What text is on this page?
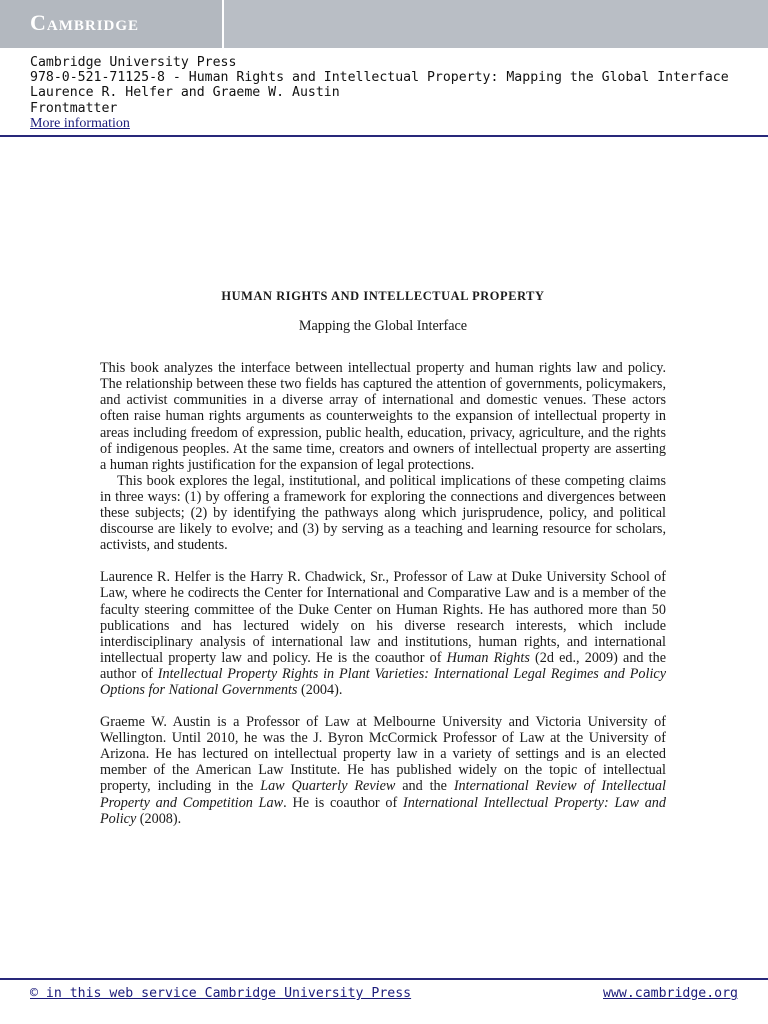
Cambridge
Cambridge University Press
978-0-521-71125-8 - Human Rights and Intellectual Property: Mapping the Global Interface
Laurence R. Helfer and Graeme W. Austin
Frontmatter
More information
HUMAN RIGHTS AND INTELLECTUAL PROPERTY
Mapping the Global Interface

This book analyzes the interface between intellectual property and human rights law and policy. The relationship between these two fields has captured the attention of governments, policymakers, and activist communities in a diverse array of international and domestic venues. These actors often raise human rights arguments as counterweights to the expansion of intellectual property in areas including freedom of expression, public health, education, privacy, agriculture, and the rights of indigenous peoples. At the same time, creators and owners of intellectual property are asserting a human rights justification for the expansion of legal protections.

This book explores the legal, institutional, and political implications of these competing claims in three ways: (1) by offering a framework for exploring the connections and divergences between these subjects; (2) by identifying the pathways along which jurisprudence, policy, and political discourse are likely to evolve; and (3) by serving as a teaching and learning resource for scholars, activists, and students.

Laurence R. Helfer is the Harry R. Chadwick, Sr., Professor of Law at Duke University School of Law, where he codirects the Center for International and Comparative Law and is a member of the faculty steering committee of the Duke Center on Human Rights. He has authored more than 50 publications and has lectured widely on his diverse research interests, which include interdisciplinary analysis of international law and institutions, human rights, and international intellectual property law and policy. He is the coauthor of Human Rights (2d ed., 2009) and the author of Intellectual Property Rights in Plant Varieties: International Legal Regimes and Policy Options for National Governments (2004).

Graeme W. Austin is a Professor of Law at Melbourne University and Victoria University of Wellington. Until 2010, he was the J. Byron McCormick Professor of Law at the University of Arizona. He has lectured on intellectual property law in a variety of settings and is an elected member of the American Law Institute. He has published widely on the topic of intellectual property, including in the Law Quarterly Review and the International Review of Intellectual Property and Competition Law. He is coauthor of International Intellectual Property: Law and Policy (2008).

© in this web service Cambridge University Press	www.cambridge.org
